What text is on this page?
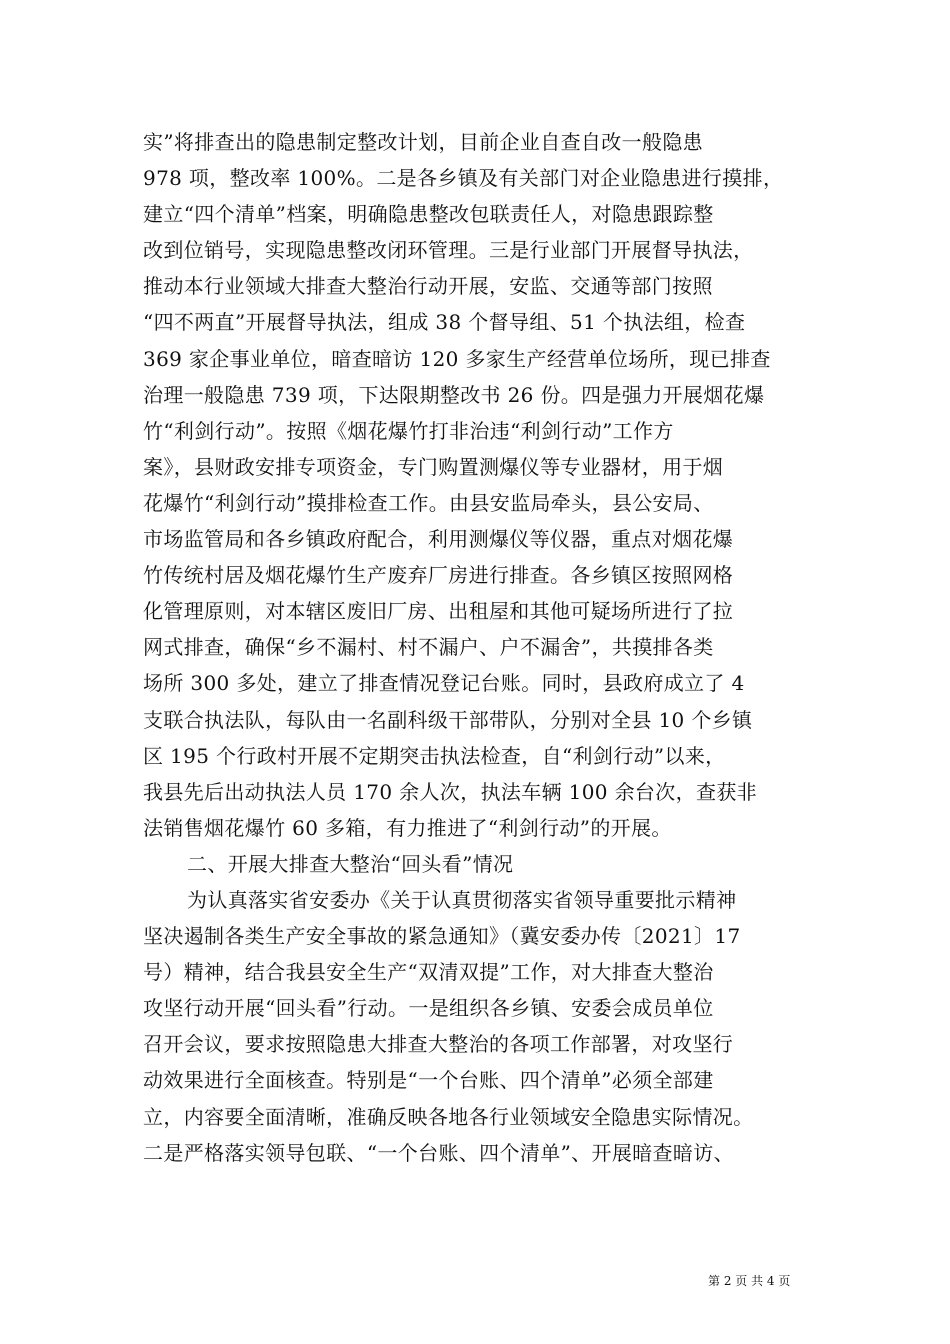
实”将排查出的隐患制定整改计划，目前企业自查自改一般隐患
978 项，整改率 100%。二是各乡镇及有关部门对企业隐患进行摸排，
建立“四个清单”档案，明确隐患整改包联责任人，对隐患跟踪整
改到位销号，实现隐患整改闭环管理。三是行业部门开展督导执法，
推动本行业领域大排查大整治行动开展，安监、交通等部门按照
“四不两直”开展督导执法，组成 38 个督导组、51 个执法组，检查
369 家企事业单位，暗查暗访 120 多家生产经营单位场所，现已排查
治理一般隐患 739 项，下达限期整改书 26 份。四是强力开展烟花爆
竹“利剑行动”。按照《烟花爆竹打非治违“利剑行动”工作方
案》，县财政安排专项资金，专门购置测爆仪等专业器材，用于烟
花爆竹“利剑行动”摸排检查工作。由县安监局牵头，县公安局、
市场监管局和各乡镇政府配合，利用测爆仪等仪器，重点对烟花爆
竹传统村居及烟花爆竹生产废弃厂房进行排查。各乡镇区按照网格
化管理原则，对本辖区废旧厂房、出租屋和其他可疑场所进行了拉
网式排查，确保“乡不漏村、村不漏户、户不漏舍”，共摸排各类
场所 300 多处，建立了排查情况登记台账。同时，县政府成立了 4
支联合执法队，每队由一名副科级干部带队，分别对全县 10 个乡镇
区 195 个行政村开展不定期突击执法检查，自“利剑行动”以来，
我县先后出动执法人员 170 余人次，执法车辆 100 余台次，查获非
法销售烟花爆竹 60 多箱，有力推进了“利剑行动”的开展。
二、开展大排查大整治“回头看”情况
为认真落实省安委办《关于认真贯彻落实省领导重要批示精神
坚决遏制各类生产安全事故的紧急通知》（冀安委办传〔2021〕17
号）精神，结合我县安全生产“双清双提”工作，对大排查大整治
攻坚行动开展“回头看”行动。一是组织各乡镇、安委会成员单位
召开会议，要求按照隐患大排查大整治的各项工作部署，对攻坚行
动效果进行全面核查。特别是“一个台账、四个清单”必须全部建
立，内容要全面清晰，准确反映各地各行业领域安全隐患实际情况。
二是严格落实领导包联、“一个台账、四个清单”、开展暗查暗访、
第 2 页 共 4 页
